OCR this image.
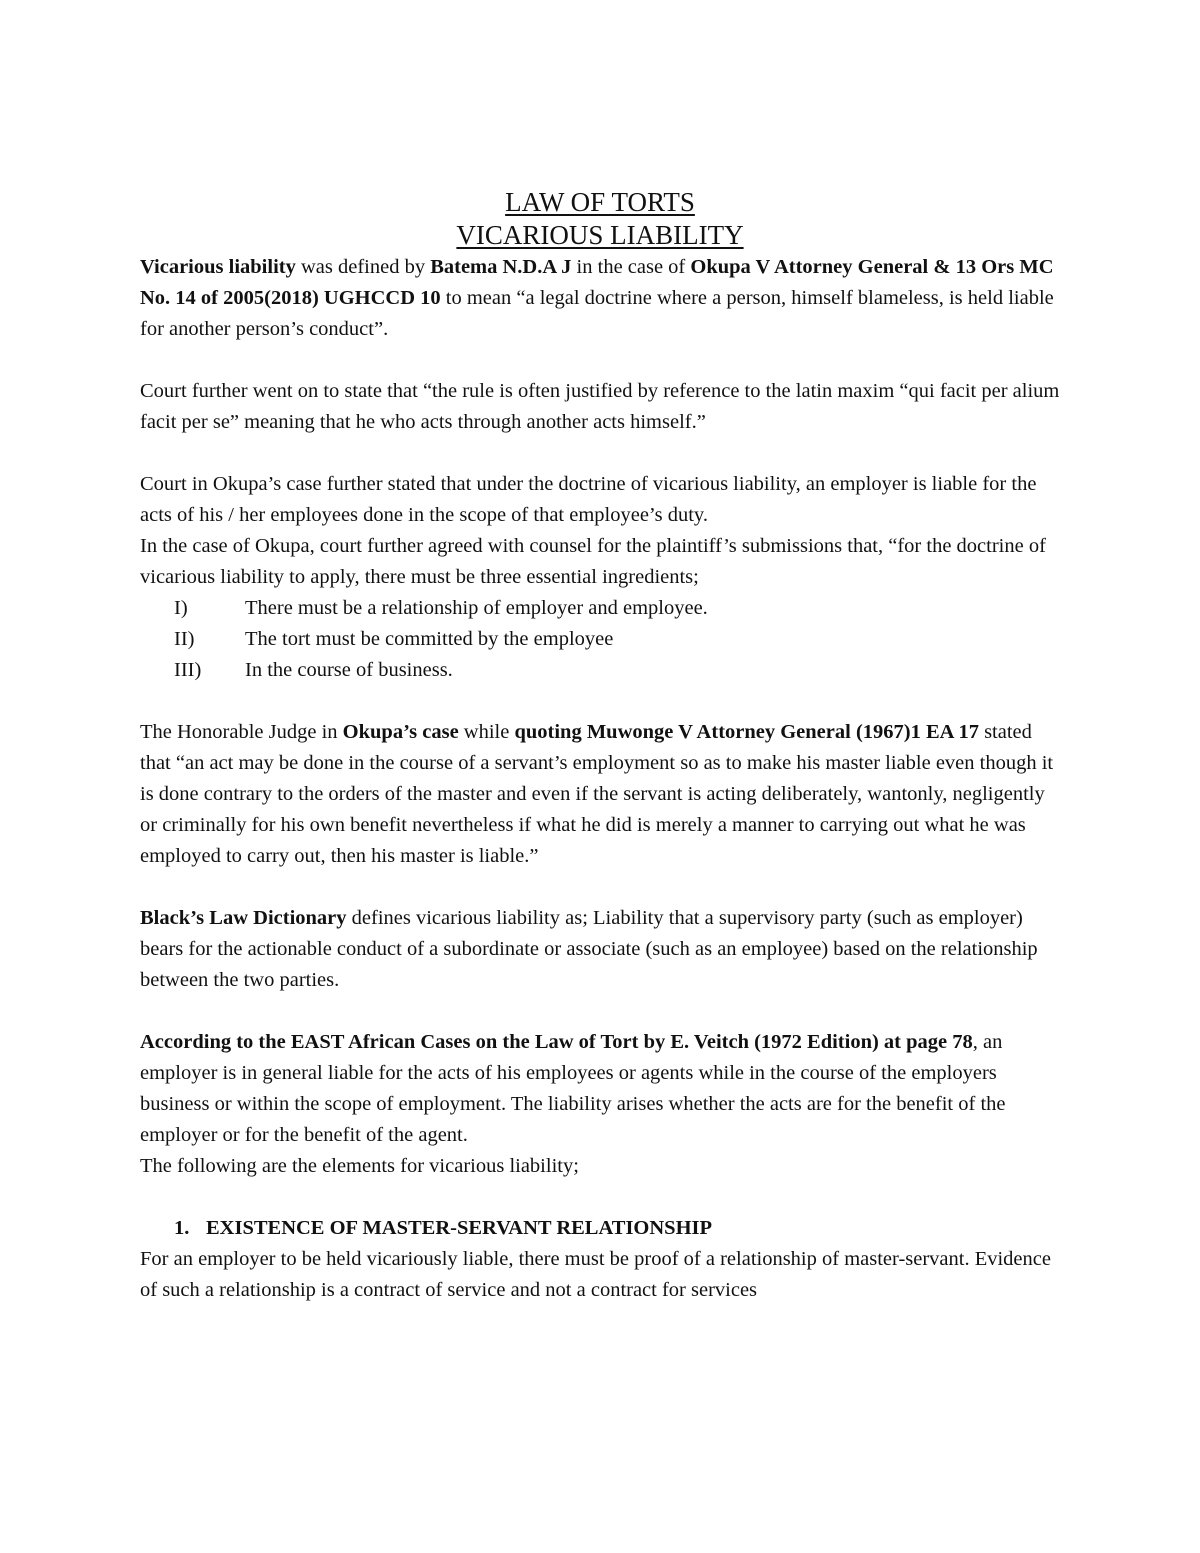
LAW OF TORTS
VICARIOUS LIABILITY

Vicarious liability was defined by Batema N.D.A J in the case of Okupa V Attorney General & 13 Ors MC No. 14 of 2005(2018) UGHCCD 10 to mean “a legal doctrine where a person, himself blameless, is held liable for another person’s conduct”.

Court further went on to state that “the rule is often justified by reference to the latin maxim “qui facit per alium facit per se” meaning that he who acts through another acts himself.”

Court in Okupa’s case further stated that under the doctrine of vicarious liability, an employer is liable for the acts of his / her employees done in the scope of that employee’s duty.

In the case of Okupa, court further agreed with counsel for the plaintiff’s submissions that, “for the doctrine of vicarious liability to apply, there must be three essential ingredients;

I)	There must be a relationship of employer and employee.
II)	The tort must be committed by the employee
III)	In the course of business.

The Honorable Judge in Okupa’s case while quoting Muwonge V Attorney General (1967)1 EA 17 stated that “an act may be done in the course of a servant’s employment so as to make his master liable even though it is done contrary to the orders of the master and even if the servant is acting deliberately, wantonly, negligently or criminally for his own benefit nevertheless if what he did is merely a manner to carrying out what he was employed to carry out, then his master is liable.”

Black’s Law Dictionary defines vicarious liability as; Liability that a supervisory party (such as employer) bears for the actionable conduct of a subordinate or associate (such as an employee) based on the relationship between the two parties.

According to the EAST African Cases on the Law of Tort by E. Veitch (1972 Edition) at page 78, an employer is in general liable for the acts of his employees or agents while in the course of the employers business or within the scope of employment. The liability arises whether the acts are for the benefit of the employer or for the benefit of the agent.

The following are the elements for vicarious liability;

1. EXISTENCE OF MASTER-SERVANT RELATIONSHIP

For an employer to be held vicariously liable, there must be proof of a relationship of master-servant. Evidence of such a relationship is a contract of service and not a contract for services
